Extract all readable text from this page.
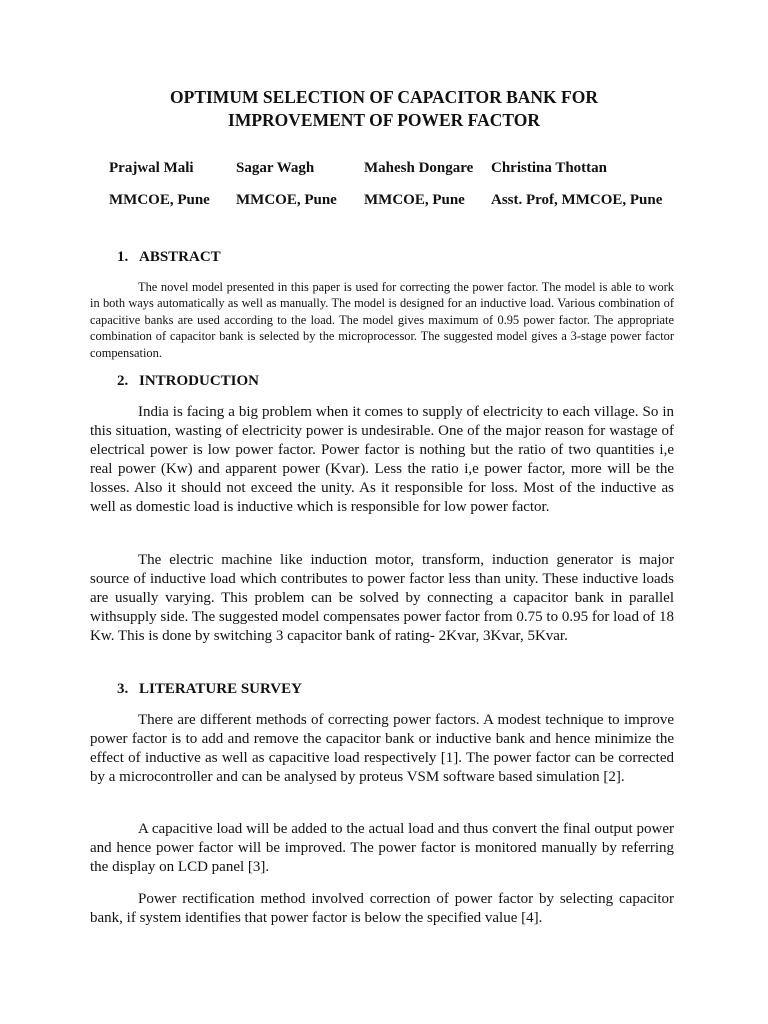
OPTIMUM SELECTION OF CAPACITOR BANK FOR
IMPROVEMENT OF POWER FACTOR
Prajwal Mali	Sagar Wagh	Mahesh Dongare Christina Thottan
MMCOE, Pune MMCOE, Pune MMCOE, Pune Asst. Prof, MMCOE, Pune
1. ABSTRACT
The novel model presented in this paper is used for correcting the power factor. The model is able to work in both ways automatically as well as manually. The model is designed for an inductive load. Various combination of capacitive banks are used according to the load. The model gives maximum of 0.95 power factor. The appropriate combination of capacitor bank is selected by the microprocessor. The suggested model gives a 3-stage power factor compensation.
2. INTRODUCTION
India is facing a big problem when it comes to supply of electricity to each village. So in this situation, wasting of electricity power is undesirable. One of the major reason for wastage of electrical power is low power factor. Power factor is nothing but the ratio of two quantities i,e real power (Kw) and apparent power (Kvar). Less the ratio i,e power factor, more will be the losses. Also it should not exceed the unity. As it responsible for loss. Most of the inductive as well as domestic load is inductive which is responsible for low power factor.
The electric machine like induction motor, transform, induction generator is major source of inductive load which contributes to power factor less than unity. These inductive loads are usually varying. This problem can be solved by connecting a capacitor bank in parallel withsupply side. The suggested model compensates power factor from 0.75 to 0.95 for load of 18 Kw. This is done by switching 3 capacitor bank of rating- 2Kvar, 3Kvar, 5Kvar.
3. LITERATURE SURVEY
There are different methods of correcting power factors. A modest technique to improve power factor is to add and remove the capacitor bank or inductive bank and hence minimize the effect of inductive as well as capacitive load respectively [1]. The power factor can be corrected by a microcontroller and can be analysed by proteus VSM software based simulation [2].
A capacitive load will be added to the actual load and thus convert the final output power and hence power factor will be improved. The power factor is monitored manually by referring the display on LCD panel [3].
Power rectification method involved correction of power factor by selecting capacitor bank, if system identifies that power factor is below the specified value [4].
